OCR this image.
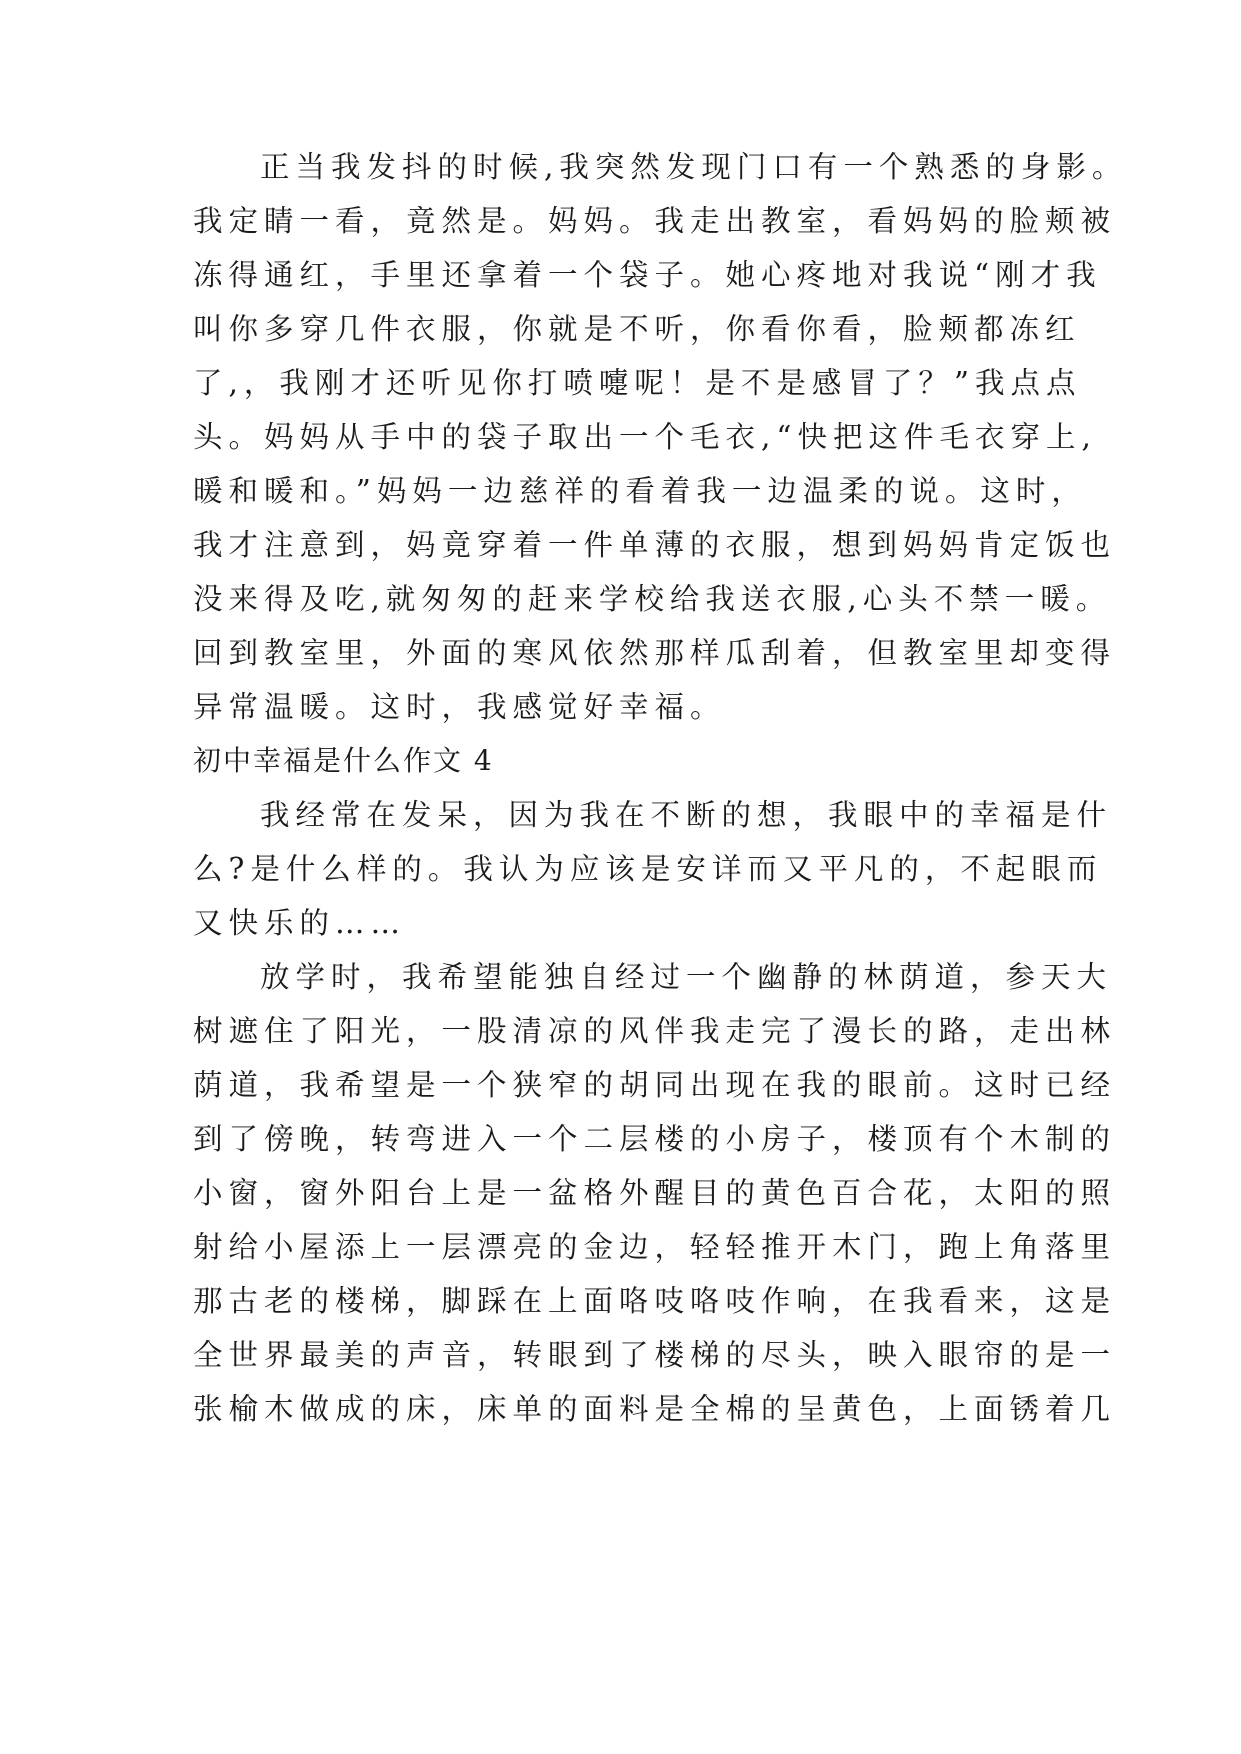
正当我发抖的时候,我突然发现门口有一个熟悉的身影。
我定睛一看，竟然是。妈妈。我走出教室，看妈妈的脸颊被
冻得通红，手里还拿着一个袋子。她心疼地对我说“刚才我
叫你多穿几件衣服，你就是不听，你看你看，脸颊都冻红
了,，我刚才还听见你打喷嚏呢！是不是感冒了？”我点点
头。妈妈从手中的袋子取出一个毛衣,“快把这件毛衣穿上,
暖和暖和。”妈妈一边慈祥的看着我一边温柔的说。这时，
我才注意到，妈竟穿着一件单薄的衣服，想到妈妈肯定饭也
没来得及吃,就匆匆的赶来学校给我送衣服,心头不禁一暖。
回到教室里，外面的寒风依然那样瓜刮着，但教室里却变得
异常温暖。这时，我感觉好幸福。
初中幸福是什么作文 4
我经常在发呆，因为我在不断的想，我眼中的幸福是什
么?是什么样的。我认为应该是安详而又平凡的，不起眼而
又快乐的……
放学时，我希望能独自经过一个幽静的林荫道，参天大
树遮住了阳光，一股清凉的风伴我走完了漫长的路，走出林
荫道，我希望是一个狭窄的胡同出现在我的眼前。这时已经
到了傍晚，转弯进入一个二层楼的小房子，楼顶有个木制的
小窗，窗外阳台上是一盆格外醒目的黄色百合花，太阳的照
射给小屋添上一层漂亮的金边，轻轻推开木门，跑上角落里
那古老的楼梯，脚踩在上面咯吱咯吱作响，在我看来，这是
全世界最美的声音，转眼到了楼梯的尽头，映入眼帘的是一
张榆木做成的床，床单的面料是全棉的呈黄色，上面锈着几
